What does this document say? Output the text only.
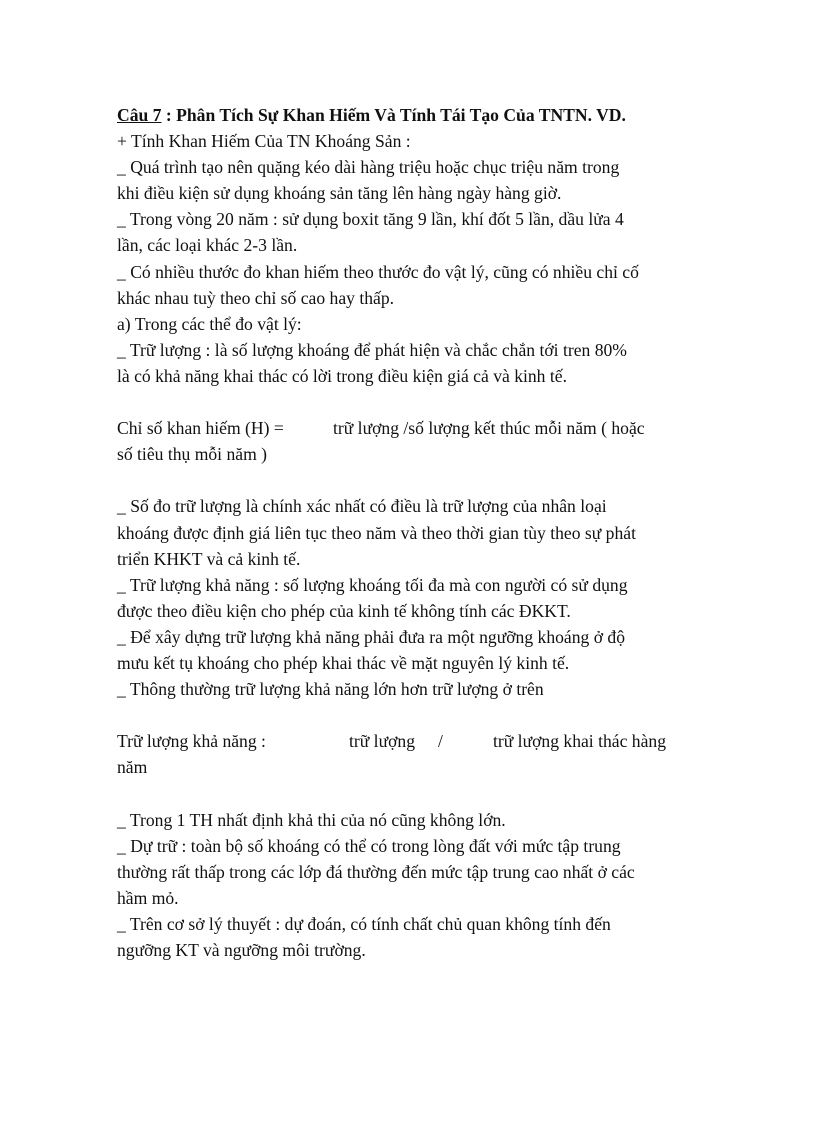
Câu 7 : Phân Tích Sự Khan Hiếm Và Tính Tái Tạo Của TNTN. VD.
+ Tính Khan Hiếm Của TN Khoáng Sản :
_ Quá trình tạo nên quặng kéo dài hàng triệu hoặc chục triệu năm trong
khi điều kiện sử dụng khoáng sản tăng lên hàng ngày hàng giờ.
_ Trong vòng 20 năm : sử dụng boxit tăng 9 lần, khí đốt 5 lần, dầu lửa 4
lần, các loại khác 2-3 lần.
_ Có nhiều thước đo khan hiếm theo thước đo vật lý, cũng có nhiều chỉ cố
khác nhau tuỳ theo chỉ số cao hay thấp.
a) Trong các thể đo vật lý:
_ Trữ lượng : là số lượng khoáng để phát hiện và chắc chắn tới tren 80%
là có khả năng khai thác có lời trong điều kiện giá cả và kinh tế.
Chỉ số khan hiếm (H) =	trữ lượng /số lượng kết thúc mỗi năm ( hoặc
số tiêu thụ mỗi năm )
_ Số đo trữ lượng là chính xác nhất có điều là trữ lượng của nhân loại
khoáng được định giá liên tục theo năm và theo thời gian tùy theo sự phát
triển KHKT và cả kinh tế.
_ Trữ lượng khả năng : số lượng khoáng tối đa mà con người có sử dụng
được theo điều kiện cho phép của kinh tế không tính các ĐKKT.
_ Để xây dựng trữ lượng khả năng phải đưa ra một ngưỡng khoáng ở độ
mưu kết tụ khoáng cho phép khai thác về mặt nguyên lý kinh tế.
_ Thông thường trữ lượng khả năng lớn hơn trữ lượng ở trên
Trữ lượng khả năng :	trữ lượng /	trữ lượng khai thác hàng
năm
_ Trong 1 TH nhất định khả thi của nó cũng không lớn.
_ Dự trữ : toàn bộ số khoáng có thể có trong lòng đất với mức tập trung
thường rất thấp trong các lớp đá thường đến mức tập trung cao nhất ở các
hầm mỏ.
_ Trên cơ sở lý thuyết : dự đoán, có tính chất chủ quan không tính đến
ngưỡng KT và ngưỡng môi trường.
